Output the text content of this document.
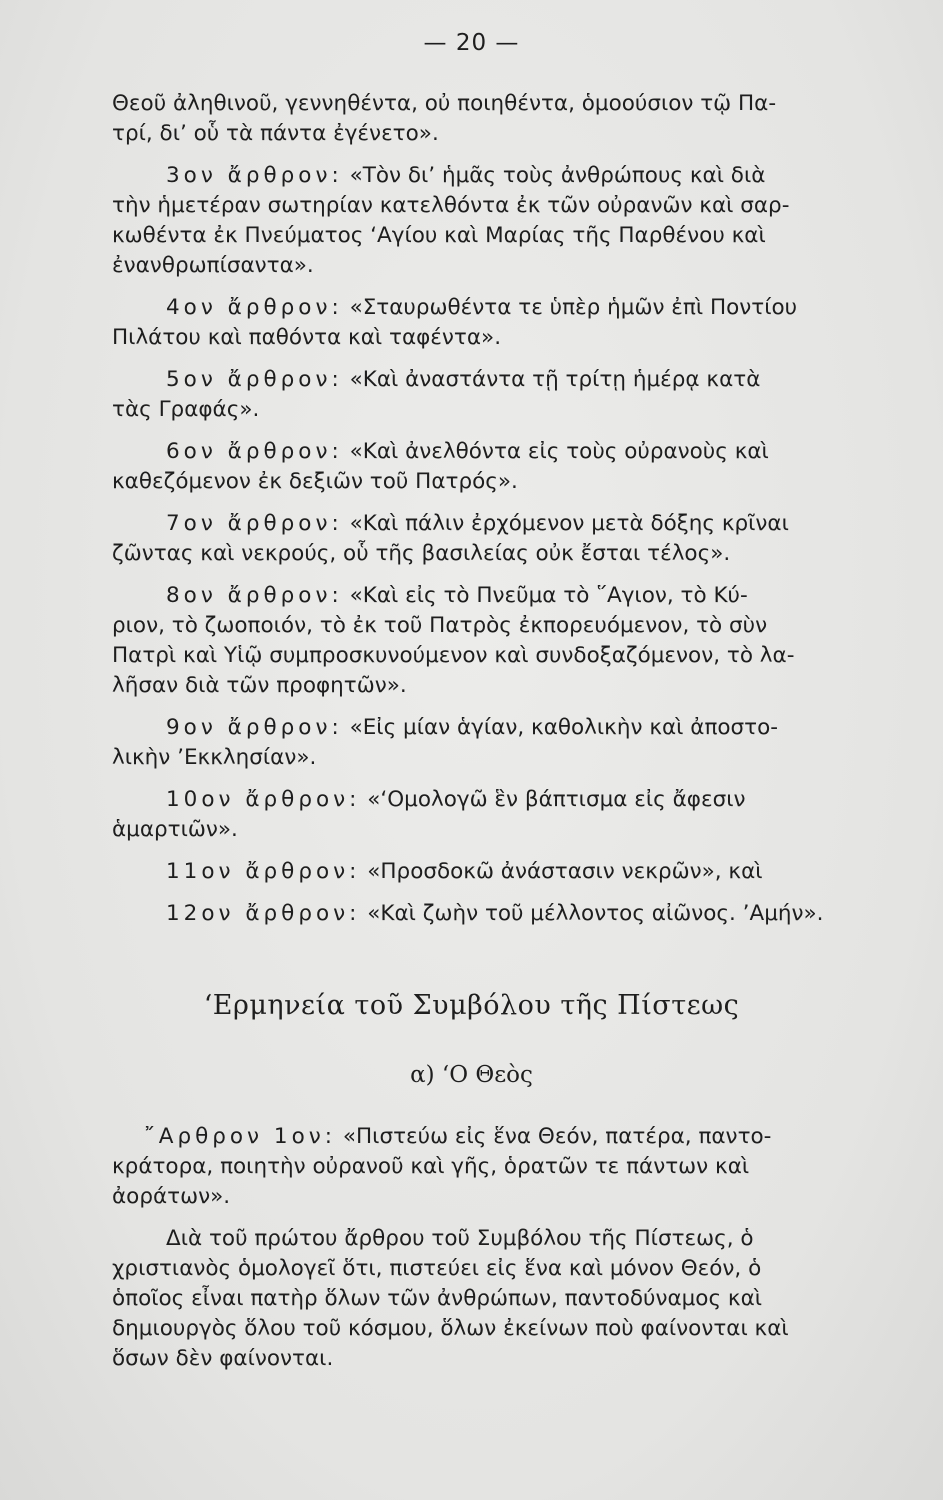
— 20 —
Θεοῦ ἀληθινοῦ, γεννηθέντα, οὐ ποιηθέντα, ὁμοούσιον τῷ Πα-
τρί, δι’ οὗ τὰ πάντα ἐγένετο».
3ον ἄρθρον: «Τὸν δι’ ἡμᾶς τοὺς ἀνθρώπους καὶ διὰ
τὴν ἡμετέραν σωτηρίαν κατελθόντα ἐκ τῶν οὐρανῶν καὶ σαρ-
κωθέντα ἐκ Πνεύματος ‘Αγίου καὶ Μαρίας τῆς Παρθένου καὶ
ἐνανθρωπίσαντα».
4ον ἄρθρον: «Σταυρωθέντα τε ὑπὲρ ἡμῶν ἐπὶ Ποντίου
Πιλάτου καὶ παθόντα καὶ ταφέντα».
5ον ἄρθρον: «Καὶ ἀναστάντα τῇ τρίτῃ ἡμέρᾳ κατὰ
τὰς Γραφάς».
6ον ἄρθρον: «Καὶ ἀνελθόντα εἰς τοὺς οὐρανοὺς καὶ
καθεζόμενον ἐκ δεξιῶν τοῦ Πατρός».
7ον ἄρθρον: «Καὶ πάλιν ἐρχόμενον μετὰ δόξης κρῖναι
ζῶντας καὶ νεκρούς, οὗ τῆς βασιλείας οὐκ ἔσται τέλος».
8ον ἄρθρον: «Καὶ εἰς τὸ Πνεῦμα τὸ ῞Αγιον, τὸ Κύ-
ριον, τὸ ζωοποιόν, τὸ ἐκ τοῦ Πατρὸς ἐκπορευόμενον, τὸ σὺν
Πατρὶ καὶ Υἱῷ συμπροσκυνούμενον καὶ συνδοξαζόμενον, τὸ λα-
λῆσαν διὰ τῶν προφητῶν».
9ον ἄρθρον: «Εἰς μίαν ἁγίαν, καθολικὴν καὶ ἀποστο-
λικὴν ’Εκκλησίαν».
10ον ἄρθρον: «‘Ομολογῶ ἓν βάπτισμα εἰς ἄφεσιν
ἁμαρτιῶν».
11ον ἄρθρον: «Προσδοκῶ ἀνάστασιν νεκρῶν», καὶ
12ον ἄρθρον: «Καὶ ζωὴν τοῦ μέλλοντος αἰῶνος. ’Αμήν».
‘Ερμηνεία τοῦ Συμβόλου τῆς Πίστεως
α) ‘Ο Θεὸς
῎Αρθρον 1ον: «Πιστεύω εἰς ἕνα Θεόν, πατέρα, παντο-
κράτορα, ποιητὴν οὐρανοῦ καὶ γῆς, ὁρατῶν τε πάντων καὶ
ἀοράτων».
Διὰ τοῦ πρώτου ἄρθρου τοῦ Συμβόλου τῆς Πίστεως, ὁ
χριστιανὸς ὁμολογεῖ ὅτι, πιστεύει εἰς ἕνα καὶ μόνον Θεόν, ὁ
ὁποῖος εἶναι πατὴρ ὅλων τῶν ἀνθρώπων, παντοδύναμος καὶ
δημιουργὸς ὅλου τοῦ κόσμου, ὅλων ἐκείνων ποὺ φαίνονται καὶ
ὅσων δὲν φαίνονται.
